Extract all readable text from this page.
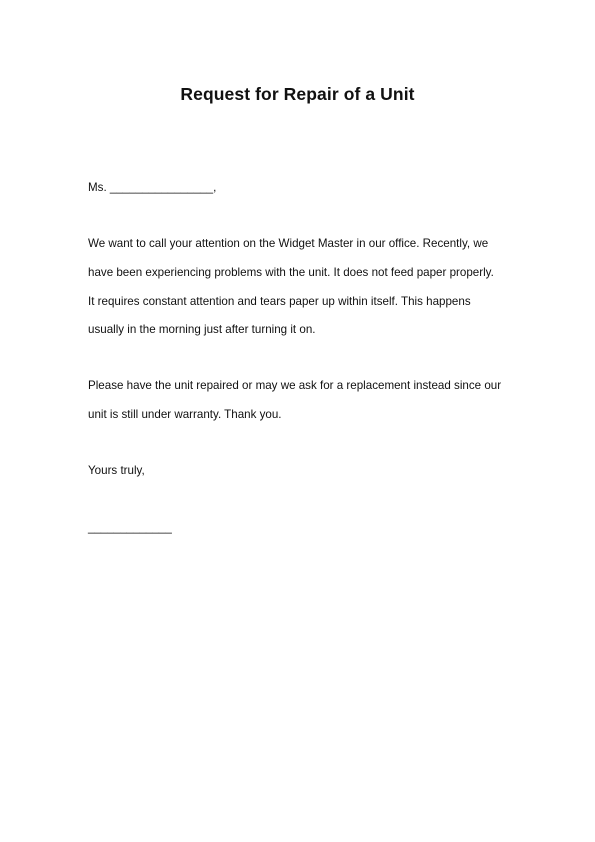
Request for Repair of a Unit
Ms. ________________,
We want to call your attention on the Widget Master in our office. Recently, we
have been experiencing problems with the unit. It does not feed paper properly.
It requires constant attention and tears paper up within itself. This happens
usually in the morning just after turning it on.
Please have the unit repaired or may we ask for a replacement instead since our
unit is still under warranty. Thank you.
Yours truly,
_____________
